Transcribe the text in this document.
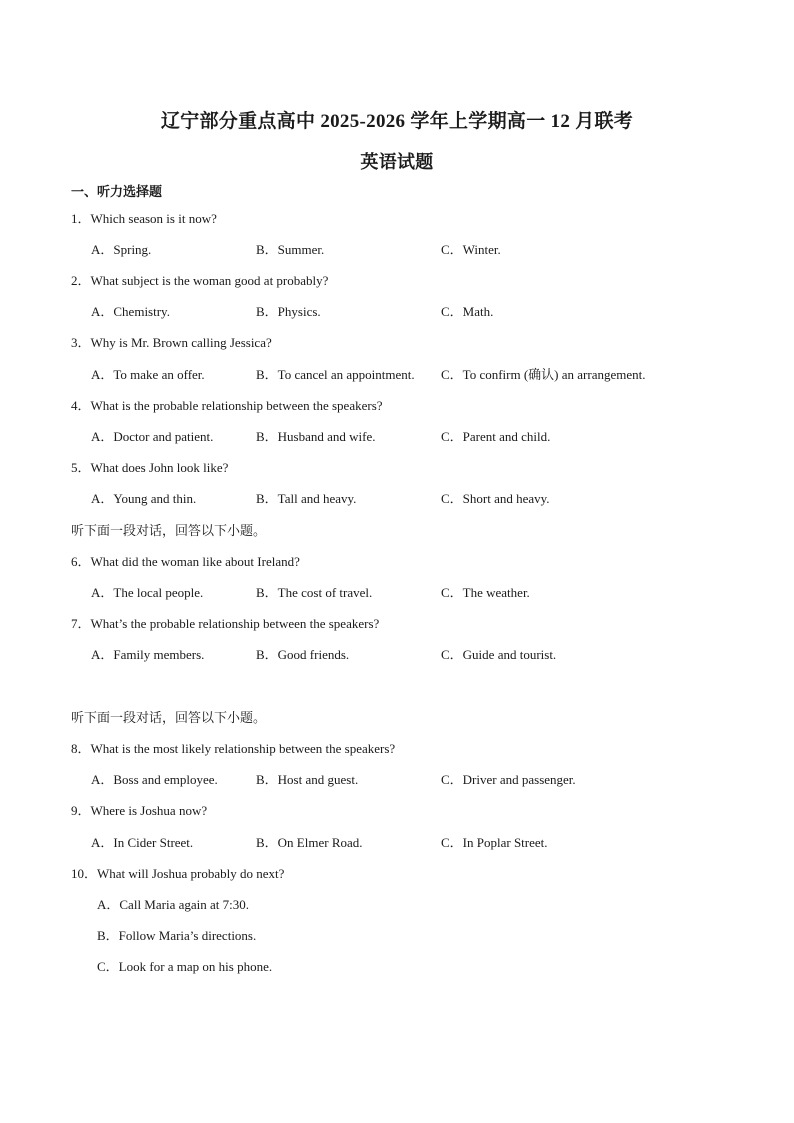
辽宁部分重点高中 2025-2026 学年上学期高一 12 月联考
英语试题
一、听力选择题
1．Which season is it now?
A．Spring.	B．Summer.	C．Winter.
2．What subject is the woman good at probably?
A．Chemistry.	B．Physics.	C．Math.
3．Why is Mr. Brown calling Jessica?
A．To make an offer.	B．To cancel an appointment. C．To confirm (确认) an arrangement.
4．What is the probable relationship between the speakers?
A．Doctor and patient.	B．Husband and wife.	C．Parent and child.
5．What does John look like?
A．Young and thin.	B．Tall and heavy.	C．Short and heavy.
听下面一段对话，回答以下小题。
6．What did the woman like about Ireland?
A．The local people.	B．The cost of travel.	C．The weather.
7．What’s the probable relationship between the speakers?
A．Family members.	B．Good friends.	C．Guide and tourist.
听下面一段对话，回答以下小题。
8．What is the most likely relationship between the speakers?
A．Boss and employee.	B．Host and guest.	C．Driver and passenger.
9．Where is Joshua now?
A．In Cider Street.	B．On Elmer Road.	C．In Poplar Street.
10．What will Joshua probably do next?
A．Call Maria again at 7:30.
B．Follow Maria’s directions.
C．Look for a map on his phone.
